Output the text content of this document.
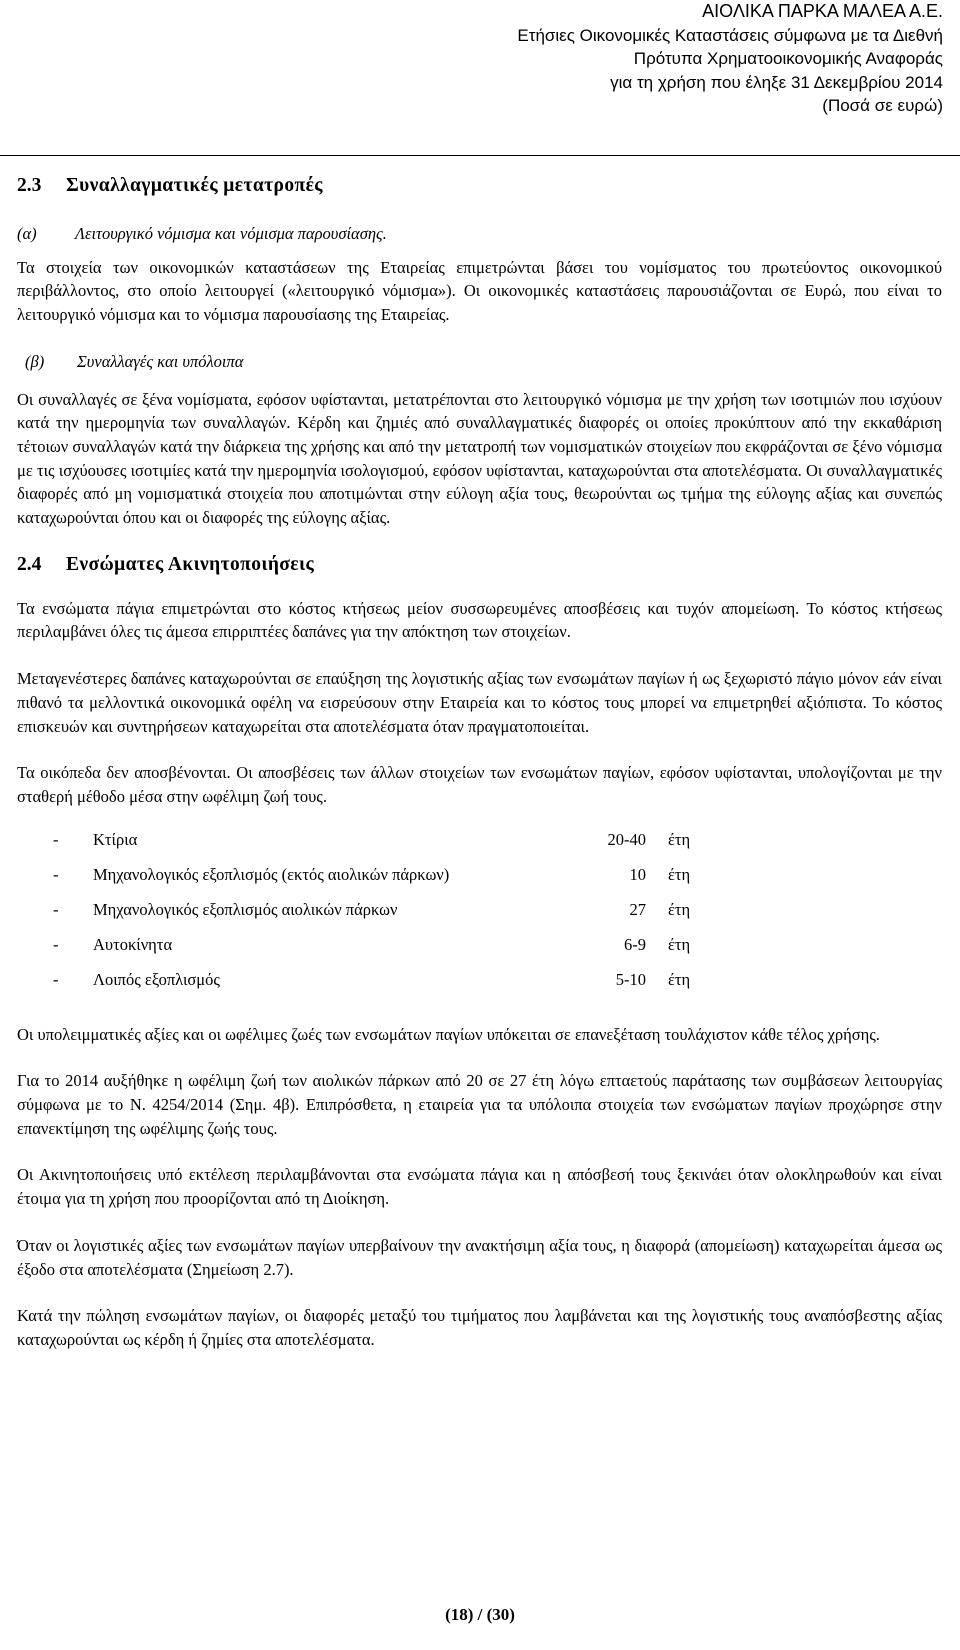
ΑΙΟΛΙΚΑ ΠΑΡΚΑ ΜΑΛΕΑ Α.Ε.
Ετήσιες Οικονομικές Καταστάσεις σύμφωνα με τα Διεθνή
Πρότυπα Χρηματοοικονομικής Αναφοράς
για τη χρήση που έληξε 31 Δεκεμβρίου 2014
(Ποσά σε ευρώ)
2.3	Συναλλαγματικές μετατροπές
(α)	Λειτουργικό νόμισμα και νόμισμα παρουσίασης.

Τα στοιχεία των οικονομικών καταστάσεων της Εταιρείας επιμετρώνται βάσει του νομίσματος του πρωτεύοντος οικονομικού περιβάλλοντος, στο οποίο λειτουργεί («λειτουργικό νόμισμα»). Οι οικονομικές καταστάσεις παρουσιάζονται σε Ευρώ, που είναι το λειτουργικό νόμισμα και το νόμισμα παρουσίασης της Εταιρείας.

(β)	Συναλλαγές και υπόλοιπα

Οι συναλλαγές σε ξένα νομίσματα, εφόσον υφίστανται, μετατρέπονται στο λειτουργικό νόμισμα με την χρήση των ισοτιμιών που ισχύουν κατά την ημερομηνία των συναλλαγών. Κέρδη και ζημιές από συναλλαγματικές διαφορές οι οποίες προκύπτουν από την εκκαθάριση τέτοιων συναλλαγών κατά την διάρκεια της χρήσης και από την μετατροπή των νομισματικών στοιχείων που εκφράζονται σε ξένο νόμισμα με τις ισχύουσες ισοτιμίες κατά την ημερομηνία ισολογισμού, εφόσον υφίστανται, καταχωρούνται στα αποτελέσματα. Οι συναλλαγματικές διαφορές από μη νομισματικά στοιχεία που αποτιμώνται στην εύλογη αξία τους, θεωρούνται ως τμήμα της εύλογης αξίας και συνεπώς καταχωρούνται όπου και οι διαφορές της εύλογης αξίας.

2.4	Ενσώματες Ακινητοποιήσεις

Τα ενσώματα πάγια επιμετρώνται στο κόστος κτήσεως μείον συσσωρευμένες αποσβέσεις και τυχόν απομείωση. Το κόστος κτήσεως περιλαμβάνει όλες τις άμεσα επιρριπτέες δαπάνες για την απόκτηση των στοιχείων.

Μεταγενέστερες δαπάνες καταχωρούνται σε επαύξηση της λογιστικής αξίας των ενσωμάτων παγίων ή ως ξεχωριστό πάγιο μόνον εάν είναι πιθανό τα μελλοντικά οικονομικά οφέλη να εισρεύσουν στην Εταιρεία και το κόστος τους μπορεί να επιμετρηθεί αξιόπιστα. Το κόστος επισκευών και συντηρήσεων καταχωρείται στα αποτελέσματα όταν πραγματοποιείται.

Τα οικόπεδα δεν αποσβένονται. Οι αποσβέσεις των άλλων στοιχείων των ενσωμάτων παγίων, εφόσον υφίστανται, υπολογίζονται με την σταθερή μέθοδο μέσα στην ωφέλιμη ζωή τους.

-	Κτίρια	20-40	έτη
-	Μηχανολογικός εξοπλισμός (εκτός αιολικών πάρκων)	10	έτη
-	Μηχανολογικός εξοπλισμός αιολικών πάρκων	27	έτη
-	Αυτοκίνητα	6-9	έτη
-	Λοιπός εξοπλισμός	5-10	έτη

Οι υπολειμματικές αξίες και οι ωφέλιμες ζωές των ενσωμάτων παγίων υπόκειται σε επανεξέταση τουλάχιστον κάθε τέλος χρήσης.

Για το 2014 αυξήθηκε η ωφέλιμη ζωή των αιολικών πάρκων από 20 σε 27 έτη λόγω επταετούς παράτασης των συμβάσεων λειτουργίας σύμφωνα με το Ν. 4254/2014 (Σημ. 4β). Επιπρόσθετα, η εταιρεία για τα υπόλοιπα στοιχεία των ενσώματων παγίων προχώρησε στην επανεκτίμηση της ωφέλιμης ζωής τους.

Οι Ακινητοποιήσεις υπό εκτέλεση περιλαμβάνονται στα ενσώματα πάγια και η απόσβεσή τους ξεκινάει όταν ολοκληρωθούν και είναι έτοιμα για τη χρήση που προορίζονται από τη Διοίκηση.

Όταν οι λογιστικές αξίες των ενσωμάτων παγίων υπερβαίνουν την ανακτήσιμη αξία τους, η διαφορά (απομείωση) καταχωρείται άμεσα ως έξοδο στα αποτελέσματα (Σημείωση 2.7).

Κατά την πώληση ενσωμάτων παγίων, οι διαφορές μεταξύ του τιμήματος που λαμβάνεται και της λογιστικής τους αναπόσβεστης αξίας καταχωρούνται ως κέρδη ή ζημίες στα αποτελέσματα.

(18) / (30)
